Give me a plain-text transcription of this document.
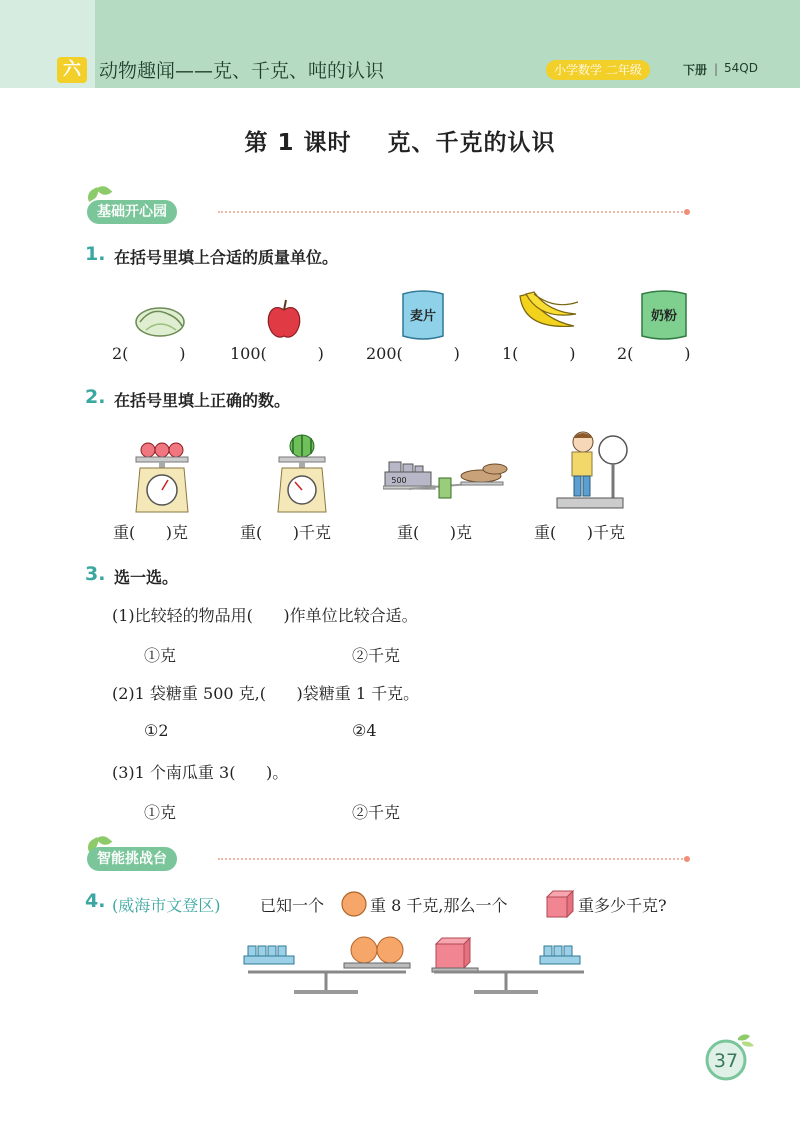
六 动物趣闻——克、千克、吨的认识	小学数学 二年级	下册 | 54QD
第 1 课时    克、千克的认识
基础开心园
1. 在括号里填上合适的质量单位。
麦片	奶粉
2(          )	100(          )	200(          )	1(          )	2(          )
2. 在括号里填上正确的数。
500
重(      )克	重(      )千克	重(      )克	重(      )千克
3. 选一选。
(1)比较轻的物品用(      )作单位比较合适。
①克	②千克
(2)1 袋糖重 500 克,(      )袋糖重 1 千克。
①2	②4
(3)1 个南瓜重 3(      )。
①克	②千克
智能挑战台
4. (威海市文登区) 已知一个	重 8 千克,那么一个	重多少千克?
37
